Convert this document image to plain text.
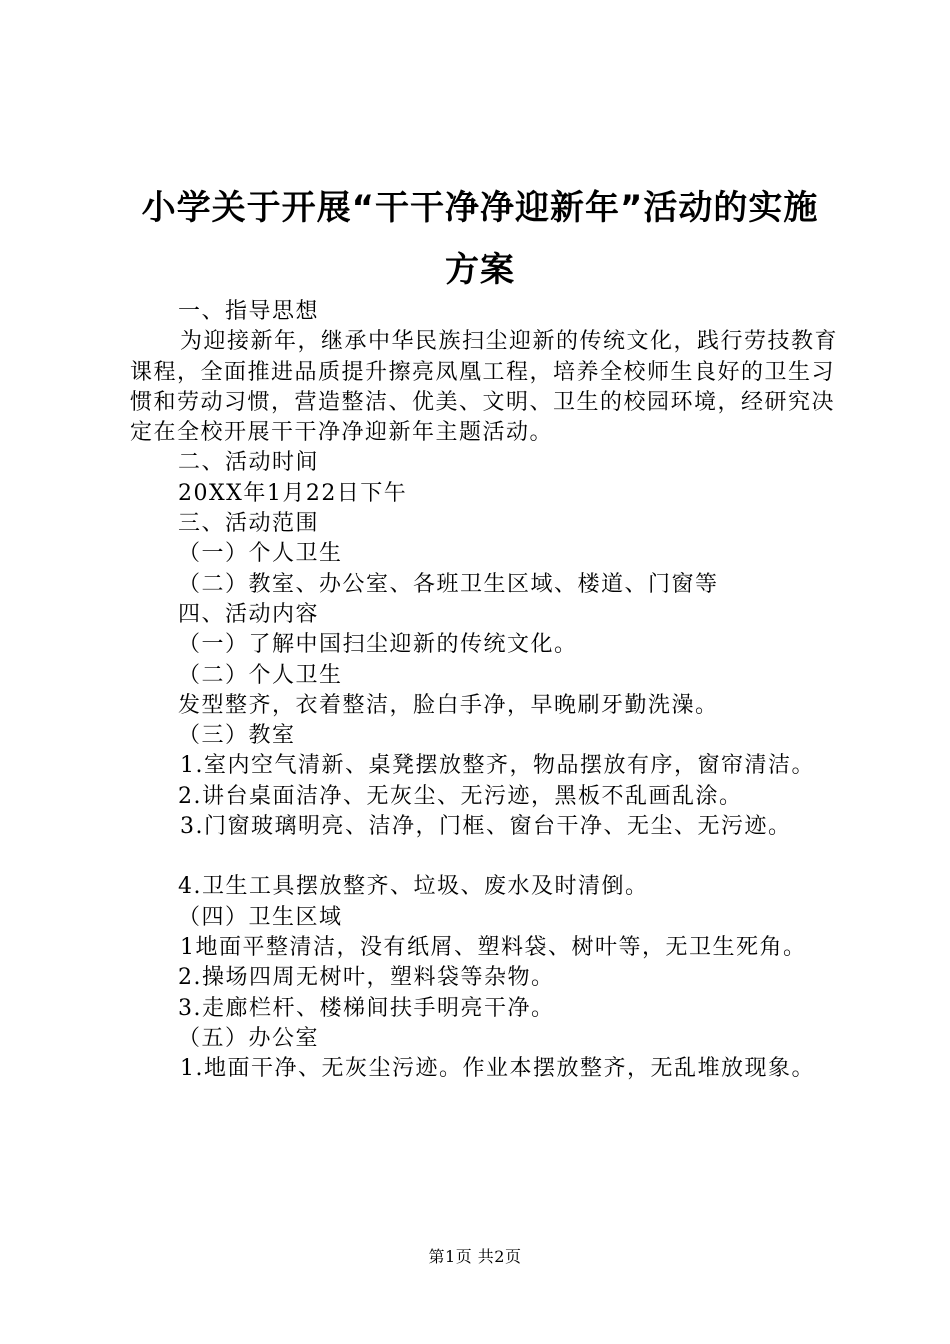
小学关于开展“干干净净迎新年”活动的实施
方案

一、指导思想

为迎接新年，继承中华民族扫尘迎新的传统文化，践行劳技教育课程，全面推进品质提升擦亮凤凰工程，培养全校师生良好的卫生习惯和劳动习惯，营造整洁、优美、文明、卫生的校园环境，经研究决定在全校开展干干净净迎新年主题活动。

二、活动时间

20XX年1月22日下午

三、活动范围

（一）个人卫生

（二）教室、办公室、各班卫生区域、楼道、门窗等

四、活动内容

（一）了解中国扫尘迎新的传统文化。

（二）个人卫生

发型整齐，衣着整洁，脸白手净，早晚刷牙勤洗澡。

（三）教室

1.室内空气清新、桌凳摆放整齐，物品摆放有序，窗帘清洁。

2.讲台桌面洁净、无灰尘、无污迹，黑板不乱画乱涂。

3.门窗玻璃明亮、洁净，门框、窗台干净、无尘、无污迹。

4.卫生工具摆放整齐、垃圾、废水及时清倒。

（四）卫生区域

1地面平整清洁，没有纸屑、塑料袋、树叶等，无卫生死角。

2.操场四周无树叶，塑料袋等杂物。

3.走廊栏杆、楼梯间扶手明亮干净。

（五）办公室

1.地面干净、无灰尘污迹。作业本摆放整齐，无乱堆放现象。

第1页 共2页
